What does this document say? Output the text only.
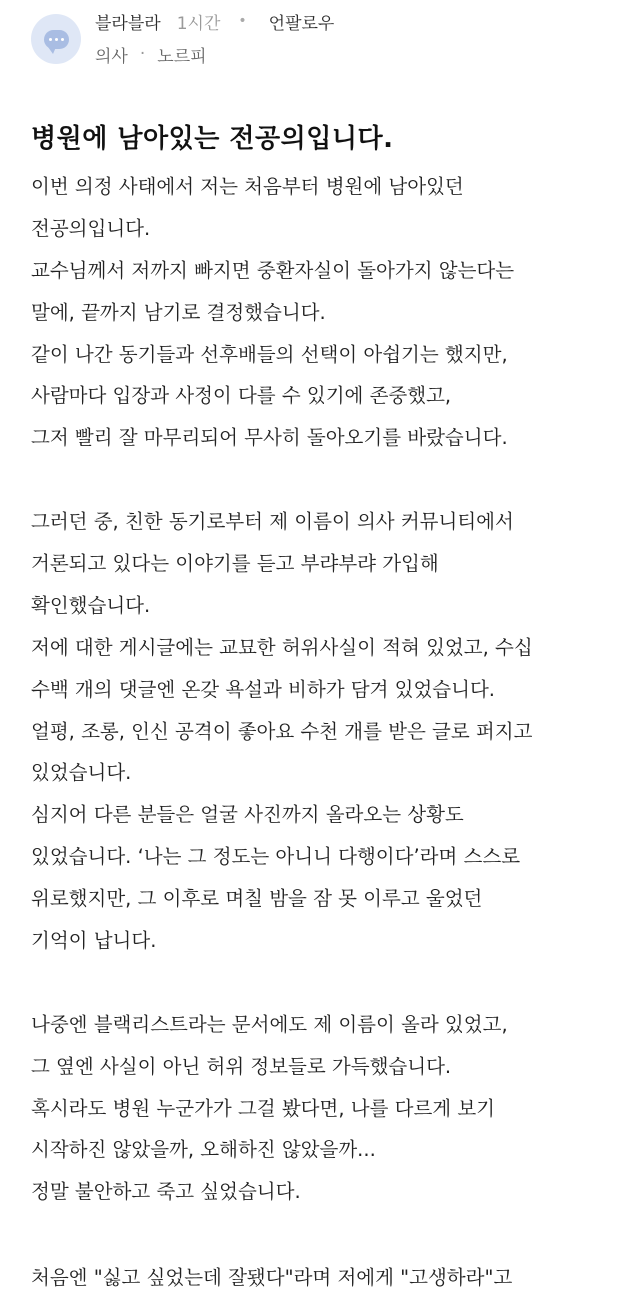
블라블라 1시간 • 언팔로우
의사 · 노르피
병원에 남아있는 전공의입니다.
이번 의정 사태에서 저는 처음부터 병원에 남아있던
전공의입니다.
교수님께서 저까지 빠지면 중환자실이 돌아가지 않는다는
말에, 끝까지 남기로 결정했습니다.
같이 나간 동기들과 선후배들의 선택이 아쉽기는 했지만,
사람마다 입장과 사정이 다를 수 있기에 존중했고,
그저 빨리 잘 마무리되어 무사히 돌아오기를 바랐습니다.
그러던 중, 친한 동기로부터 제 이름이 의사 커뮤니티에서
거론되고 있다는 이야기를 듣고 부랴부랴 가입해
확인했습니다.
저에 대한 게시글에는 교묘한 허위사실이 적혀 있었고, 수십
수백 개의 댓글엔 온갖 욕설과 비하가 담겨 있었습니다.
얼평, 조롱, 인신 공격이 좋아요 수천 개를 받은 글로 퍼지고
있었습니다.
심지어 다른 분들은 얼굴 사진까지 올라오는 상황도
있었습니다. ‘나는 그 정도는 아니니 다행이다’라며 스스로
위로했지만, 그 이후로 며칠 밤을 잠 못 이루고 울었던
기억이 납니다.
나중엔 블랙리스트라는 문서에도 제 이름이 올라 있었고,
그 옆엔 사실이 아닌 허위 정보들로 가득했습니다.
혹시라도 병원 누군가가 그걸 봤다면, 나를 다르게 보기
시작하진 않았을까, 오해하진 않았을까...
정말 불안하고 죽고 싶었습니다.
처음엔 "싫고 싶었는데 잘됐다"라며 저에게 "고생하라"고
